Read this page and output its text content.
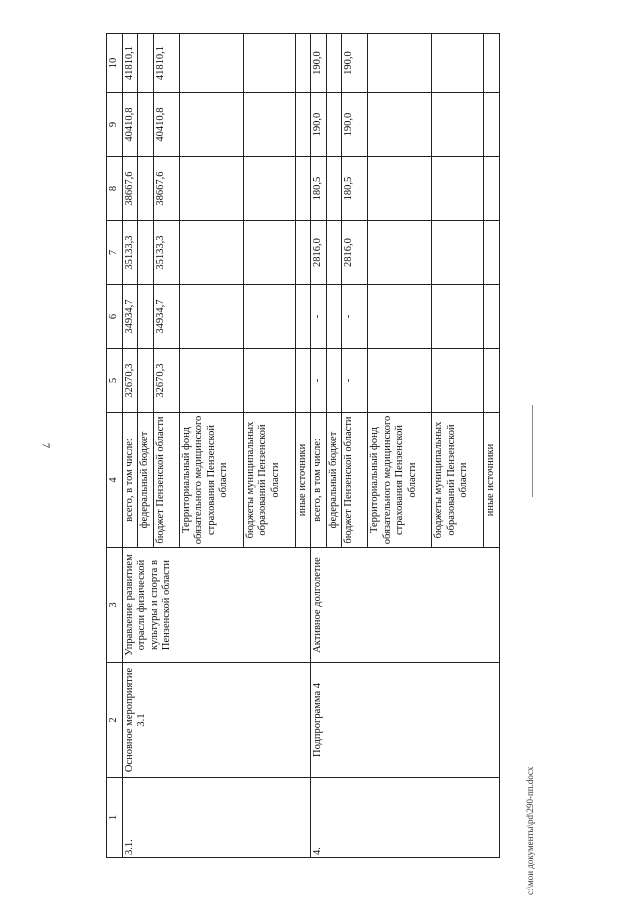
7
c:\мои документы\рd\290-пп.docx
1	2	3	4	5	6	7	8	9	10
3.1.	Основное мероприятие 3.1	Управление развитием отрасли физической культуры и спорта в Пензенской области	всего, в том числе:	32670,3	34934,7	35133,3	38667,6	40410,8	41810,1
			федеральный бюджет						
			бюджет Пензенской области	32670,3	34934,7	35133,3	38667,6	40410,8	41810,1
			Территориальный фонд обязательного медицинского страхования Пензенской области						
			бюджеты муниципальных образований Пензенской области						
			иные источники						
4.	Подпрограмма 4	Активное долголетие	всего, в том числе:	-	-	2816,0	180,5	190,0	190,0
			федеральный бюджет						
			бюджет Пензенской области	-	-	2816,0	180,5	190,0	190,0
			Территориальный фонд обязательного медицинского страхования Пензенской области						
			бюджеты муниципальных образований Пензенской области						
			иные источники						
